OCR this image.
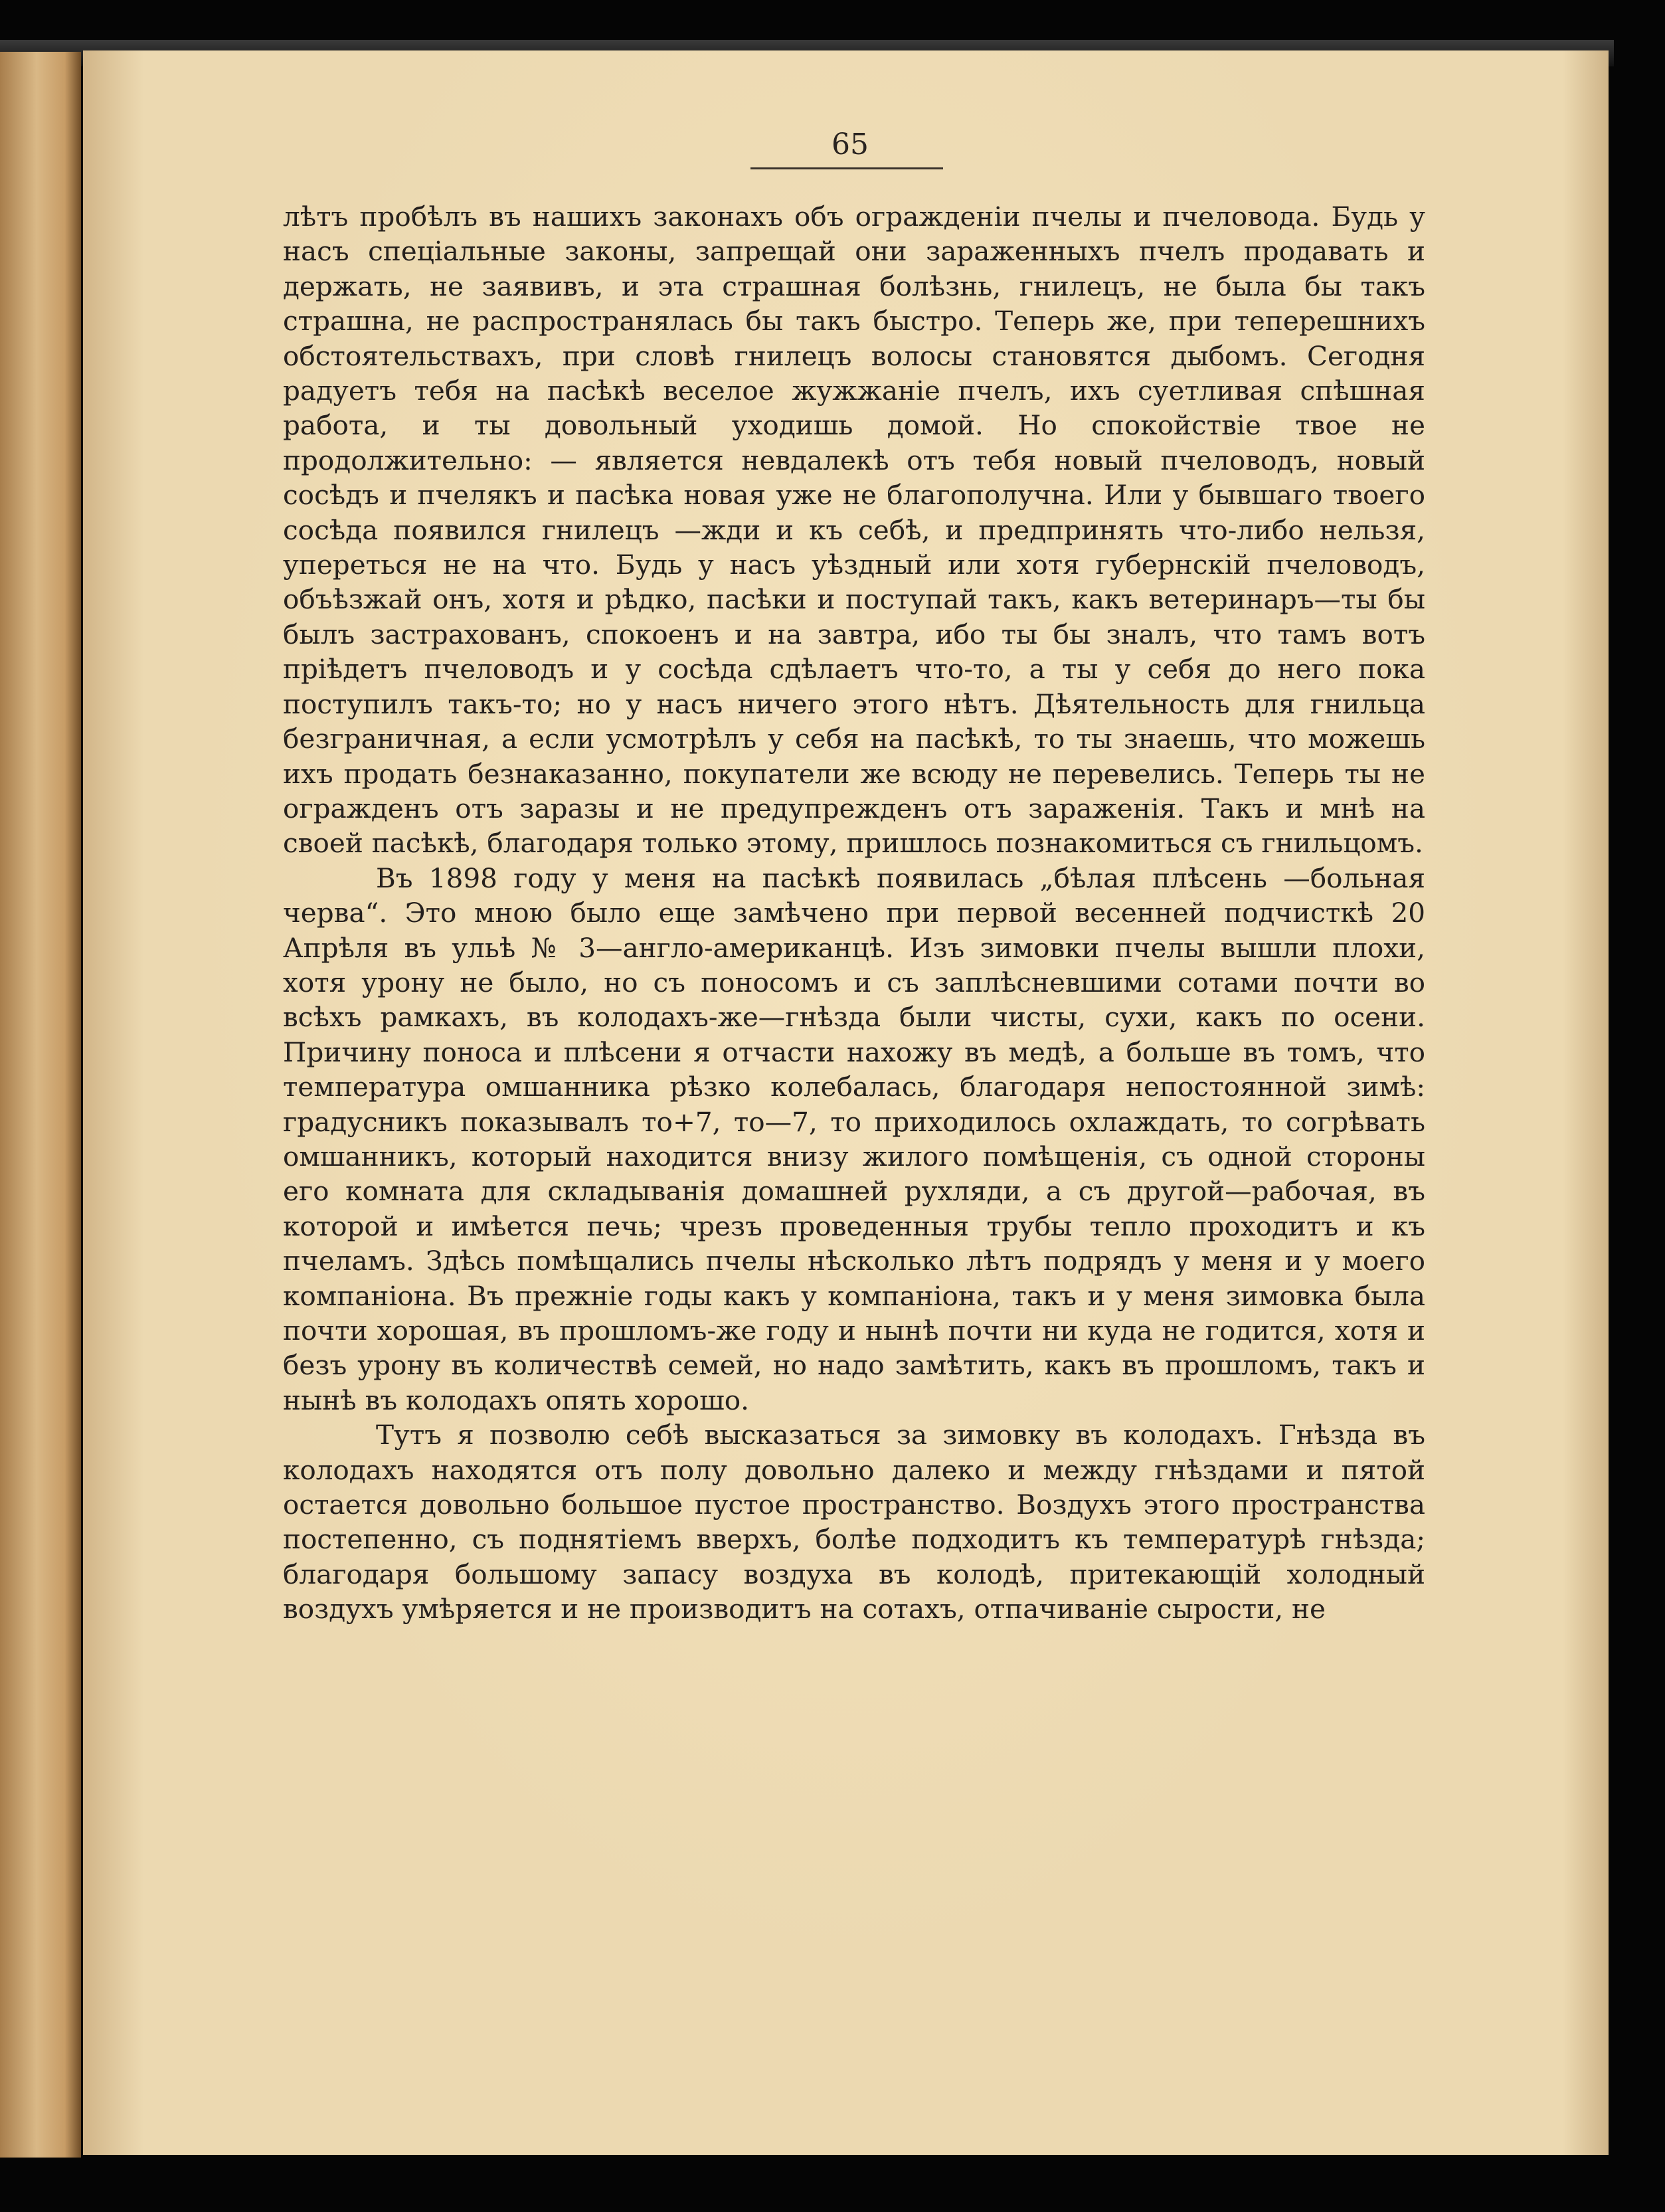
65

лѣтъ пробѣлъ въ нашихъ законахъ объ огражденіи пчелы и пчеловода. Будь у насъ спеціальные законы, запрещай они зараженныхъ пчелъ продавать и держать, не заявивъ, и эта страшная болѣзнь, гнилецъ, не была бы такъ страшна, не распространялась бы такъ быстро. Теперь же, при теперешнихъ обстоятельствахъ, при словѣ гнилецъ волосы становятся дыбомъ. Сегодня радуетъ тебя на пасѣкѣ веселое жужжаніе пчелъ, ихъ суетливая спѣшная работа, и ты довольный уходишь домой. Но спокойствіе твое не продолжительно: — является невдалекѣ отъ тебя новый пчеловодъ, новый сосѣдъ и пчелякъ и пасѣка новая уже не благополучна. Или у бывшаго твоего сосѣда появился гнилецъ —жди и къ себѣ, и предпринять что-либо нельзя, упереться не на что. Будь у насъ уѣздный или хотя губернскій пчеловодъ, объѣзжай онъ, хотя и рѣдко, пасѣки и поступай такъ, какъ ветеринаръ—ты бы былъ застрахованъ, спокоенъ и на завтра, ибо ты бы зналъ, что тамъ вотъ пріѣдетъ пчеловодъ и у сосѣда сдѣлаетъ что-то, а ты у себя до него пока поступилъ такъ-то; но у насъ ничего этого нѣтъ. Дѣятельность для гнильца безграничная, а если усмотрѣлъ у себя на пасѣкѣ, то ты знаешь, что можешь ихъ продать безнаказанно, покупатели же всюду не перевелись. Теперь ты не огражденъ отъ заразы и не предупрежденъ отъ зараженія. Такъ и мнѣ на своей пасѣкѣ, благодаря только этому, пришлось познакомиться съ гнильцомъ.

Въ 1898 году у меня на пасѣкѣ появилась „бѣлая плѣсень —больная черва“. Это мною было еще замѣчено при первой весенней подчисткѣ 20 Апрѣля въ ульѣ № 3—англо-американцѣ. Изъ зимовки пчелы вышли плохи, хотя урону не было, но съ поносомъ и съ заплѣсневшими сотами почти во всѣхъ рамкахъ, въ колодахъ-же—гнѣзда были чисты, сухи, какъ по осени. Причину поноса и плѣсени я отчасти нахожу въ медѣ, а больше въ томъ, что температура омшанника рѣзко колебалась, благодаря непостоянной зимѣ: градусникъ показывалъ то+7, то—7, то приходилось охлаждать, то согрѣвать омшанникъ, который находится внизу жилого помѣщенія, съ одной стороны его комната для складыванія домашней рухляди, а съ другой—рабочая, въ которой и имѣется печь; чрезъ проведенныя трубы тепло проходитъ и къ пчеламъ. Здѣсь помѣщались пчелы нѣсколько лѣтъ подрядъ у меня и у моего компаніона. Въ прежніе годы какъ у компаніона, такъ и у меня зимовка была почти хорошая, въ прошломъ-же году и нынѣ почти ни куда не годится, хотя и безъ урону въ количествѣ семей, но надо замѣтить, какъ въ прошломъ, такъ и нынѣ въ колодахъ опять хорошо.

Тутъ я позволю себѣ высказаться за зимовку въ колодахъ. Гнѣзда въ колодахъ находятся отъ полу довольно далеко и между гнѣздами и пятой остается довольно большое пустое пространство. Воздухъ этого пространства постепенно, съ поднятіемъ вверхъ, болѣе подходитъ къ температурѣ гнѣзда; благодаря большому запасу воздуха въ колодѣ, притекающій холодный воздухъ умѣряется и не производитъ на сотахъ, отпачиваніе сырости, не
